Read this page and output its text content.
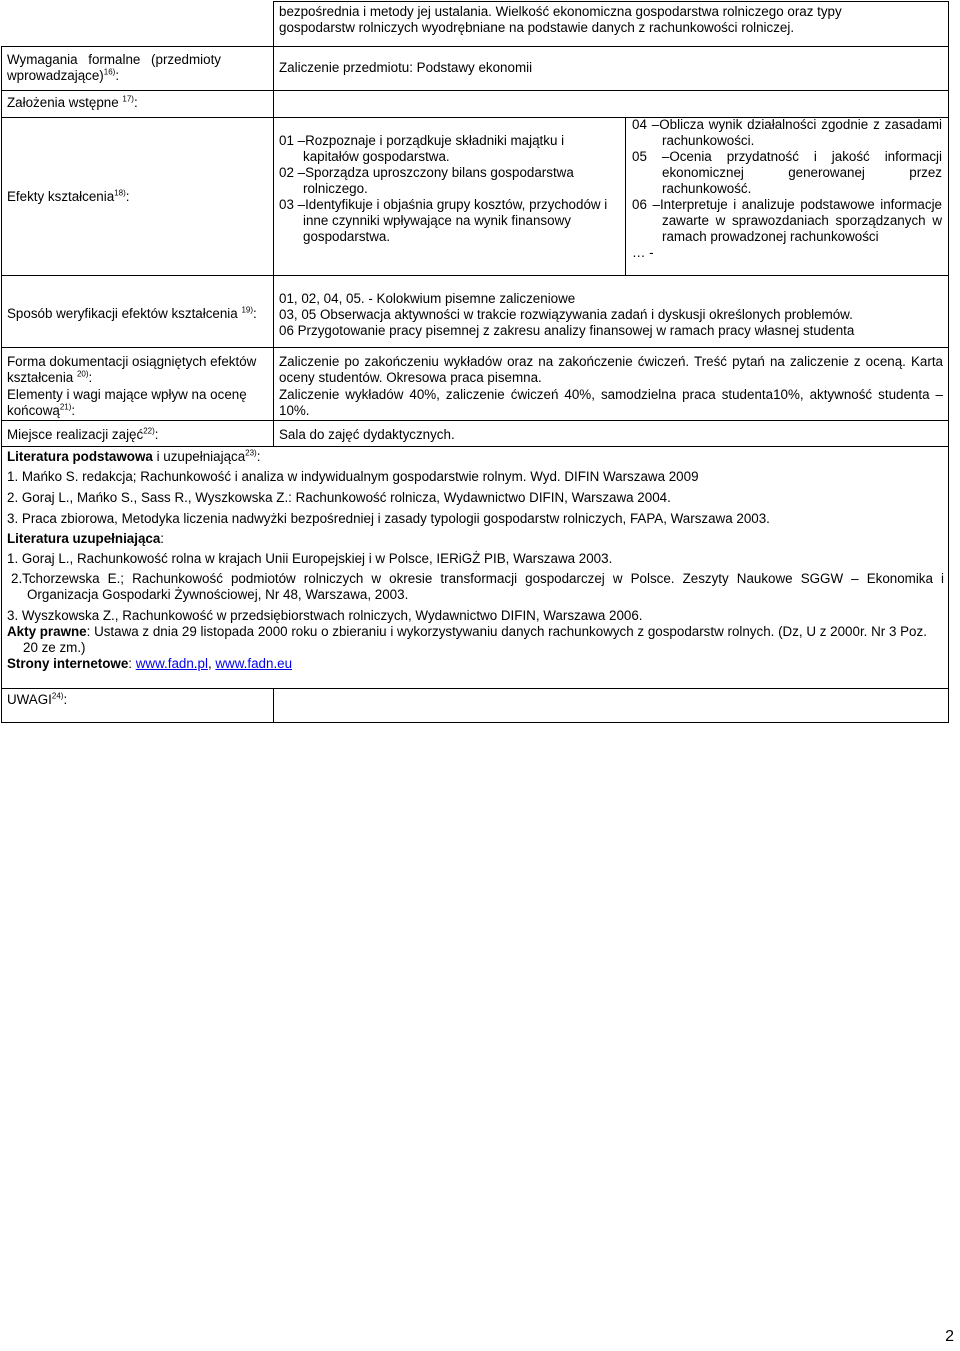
bezpośrednia i metody jej ustalania. Wielkość ekonomiczna gospodarstwa rolniczego oraz typy
gospodarstw rolniczych wyodrębniane na podstawie danych z rachunkowości rolniczej.
Wymagania formalne (przedmioty wprowadzające)$^{16)}$:
Zaliczenie przedmiotu: Podstawy ekonomii
Założenia wstępne $^{17)}$:
Efekty kształcenia$^{18)}$:
01 –Rozpoznaje i porządkuje składniki majątku i kapitałów gospodarstwa.
02 –Sporządza uproszczony bilans gospodarstwa rolniczego.
03 –Identyfikuje i objaśnia grupy kosztów, przychodów i inne czynniki wpływające na wynik finansowy gospodarstwa.
04 –Oblicza wynik działalności zgodnie z zasadami rachunkowości.
05 –Ocenia przydatność i jakość informacji ekonomicznej generowanej przez rachunkowość.
06 –Interpretuje i analizuje podstawowe informacje zawarte w sprawozdaniach sporządzanych w ramach prowadzonej rachunkowości
… -
Sposób weryfikacji efektów kształcenia $^{19)}$:
01, 02, 04, 05. - Kolokwium pisemne zaliczeniowe
03, 05 Obserwacja aktywności w trakcie rozwiązywania zadań i dyskusji określonych problemów.
06 Przygotowanie pracy pisemnej z zakresu analizy finansowej w ramach pracy własnej studenta
Forma dokumentacji osiągniętych efektów kształcenia $^{20)}$:
Zaliczenie po zakończeniu wykładów oraz na zakończenie ćwiczeń. Treść pytań na zaliczenie z oceną. Karta oceny studentów. Okresowa praca pisemna.
Elementy i wagi mające wpływ na ocenę końcową$^{21)}$:
Zaliczenie wykładów 40%, zaliczenie ćwiczeń 40%, samodzielna praca studenta10%, aktywność studenta – 10%.
Miejsce realizacji zajęć$^{22)}$:	Sala do zajęć dydaktycznych.
Literatura podstawowa i uzupełniająca$^{23)}$:
1. Mańko S. redakcja; Rachunkowość i analiza w indywidualnym gospodarstwie rolnym. Wyd. DIFIN Warszawa 2009
2. Goraj L., Mańko S., Sass R., Wyszkowska Z.: Rachunkowość rolnicza, Wydawnictwo DIFIN, Warszawa 2004.
3. Praca zbiorowa, Metodyka liczenia nadwyżki bezpośredniej i zasady typologii gospodarstw rolniczych, FAPA, Warszawa 2003.
Literatura uzupełniająca:
1. Goraj L., Rachunkowość rolna w krajach Unii Europejskiej i w Polsce, IERiGŻ PIB, Warszawa 2003.
2.Tchorzewska E.; Rachunkowość podmiotów rolniczych w okresie transformacji gospodarczej w Polsce. Zeszyty Naukowe SGGW – Ekonomika i Organizacja Gospodarki Żywnościowej, Nr 48, Warszawa, 2003.
3. Wyszkowska Z., Rachunkowość w przedsiębiorstwach rolniczych, Wydawnictwo DIFIN, Warszawa 2006.
Akty prawne: Ustawa z dnia 29 listopada 2000 roku o zbieraniu i wykorzystywaniu danych rachunkowych z gospodarstw rolnych. (Dz, U z 2000r. Nr 3 Poz. 20 ze zm.)
Strony internetowe: www.fadn.pl, www.fadn.eu
UWAGI$^{24)}$:
2
